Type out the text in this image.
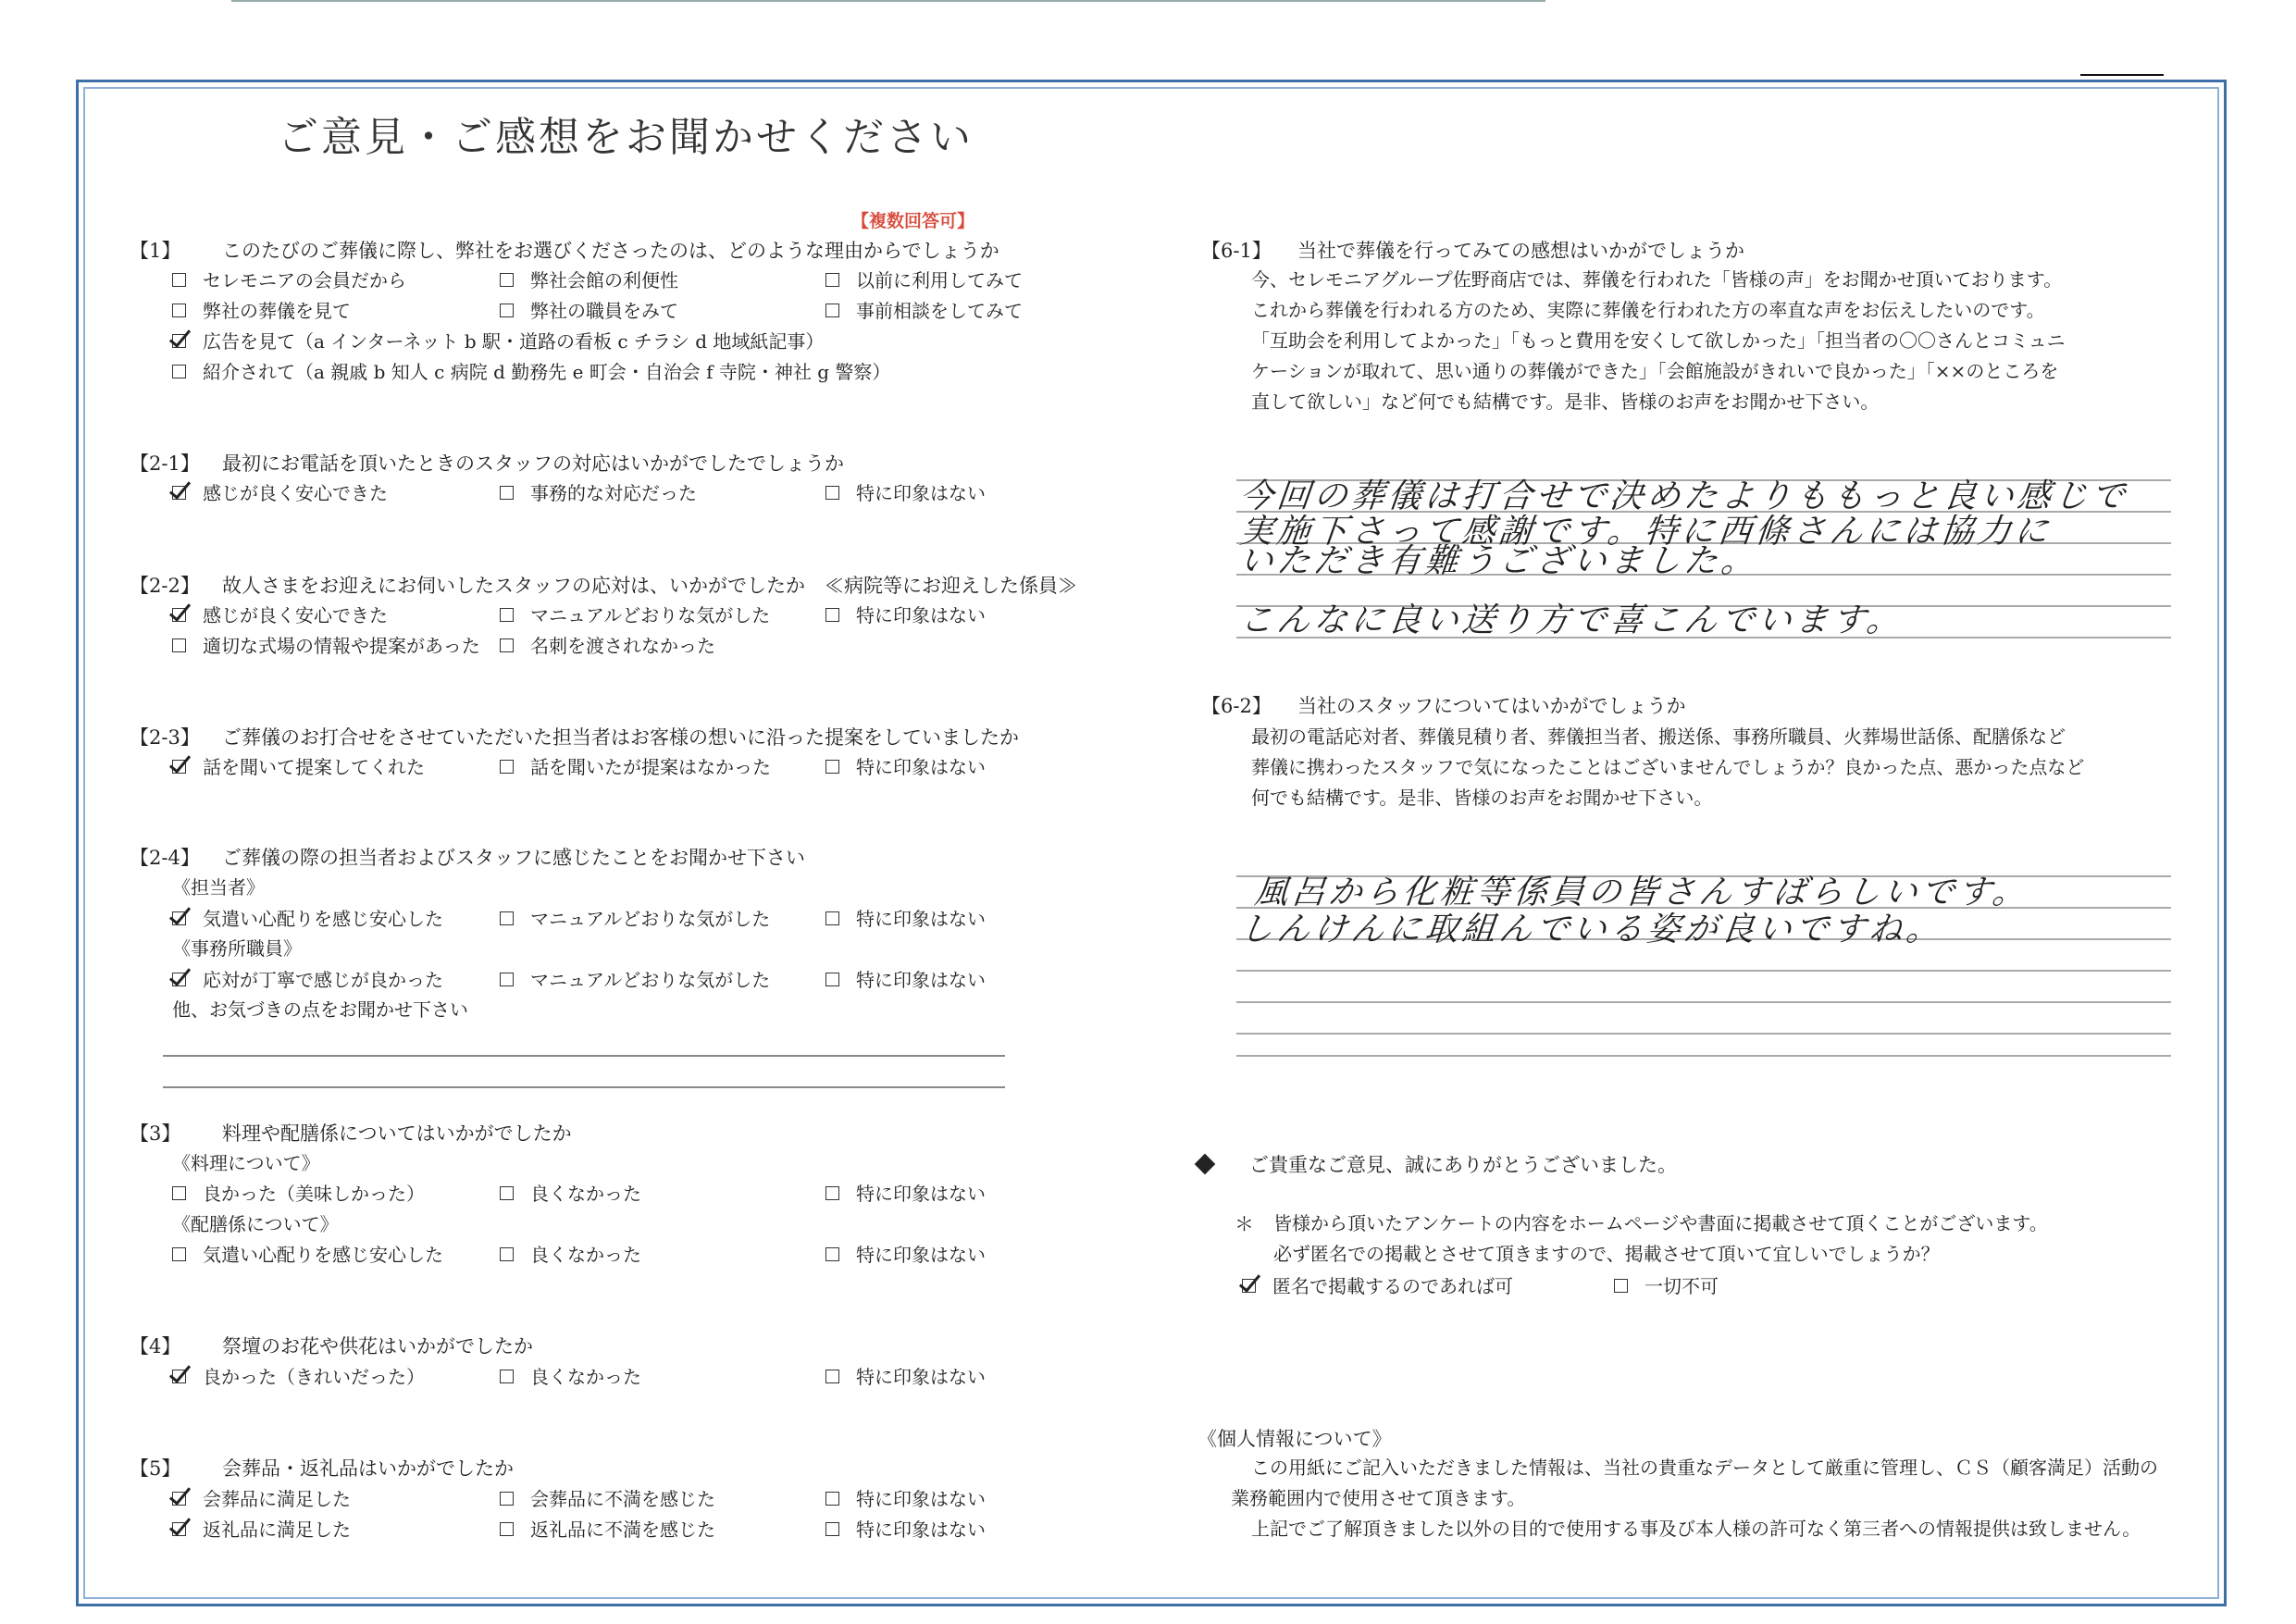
ご意見・ご感想をお聞かせください
【複数回答可】
【1】 このたびのご葬儀に際し、弊社をお選びくださったのは、どのような理由からでしょうか
セレモニアの会員だから	弊社会館の利便性	以前に利用してみて
弊社の葬儀を見て	弊社の職員をみて	事前相談をしてみて
広告を見て（a インターネット b 駅・道路の看板 c チラシ d 地域紙記事）
紹介されて（a 親戚 b 知人 c 病院 d 勤務先 e 町会・自治会 f 寺院・神社 g 警察）
【2-1】 最初にお電話を頂いたときのスタッフの対応はいかがでしたでしょうか
感じが良く安心できた	事務的な対応だった	特に印象はない
【2-2】 故人さまをお迎えにお伺いしたスタッフの応対は、いかがでしたか　≪病院等にお迎えした係員≫
感じが良く安心できた	マニュアルどおりな気がした	特に印象はない
適切な式場の情報や提案があった	名刺を渡されなかった
【2-3】 ご葬儀のお打合せをさせていただいた担当者はお客様の想いに沿った提案をしていましたか
話を聞いて提案してくれた	話を聞いたが提案はなかった	特に印象はない
【2-4】 ご葬儀の際の担当者およびスタッフに感じたことをお聞かせ下さい
《担当者》
気遣い心配りを感じ安心した	マニュアルどおりな気がした	特に印象はない
《事務所職員》
応対が丁寧で感じが良かった	マニュアルどおりな気がした	特に印象はない
他、お気づきの点をお聞かせ下さい
【3】 料理や配膳係についてはいかがでしたか
《料理について》
良かった（美味しかった）	良くなかった	特に印象はない
《配膳係について》
気遣い心配りを感じ安心した	良くなかった	特に印象はない
【4】 祭壇のお花や供花はいかがでしたか
良かった（きれいだった）	良くなかった	特に印象はない
【5】 会葬品・返礼品はいかがでしたか
会葬品に満足した	会葬品に不満を感じた	特に印象はない
返礼品に満足した	返礼品に不満を感じた	特に印象はない
【6-1】 当社で葬儀を行ってみての感想はいかがでしょうか
今、セレモニアグループ佐野商店では、葬儀を行われた「皆様の声」をお聞かせ頂いております。
これから葬儀を行われる方のため、実際に葬儀を行われた方の率直な声をお伝えしたいのです。
「互助会を利用してよかった」「もっと費用を安くして欲しかった」「担当者の〇〇さんとコミュニ
ケーションが取れて、思い通りの葬儀ができた」「会館施設がきれいで良かった」「××のところを
直して欲しい」など何でも結構です。是非、皆様のお声をお聞かせ下さい。
今回の葬儀は打合せで決めたよりももっと良い感じで
実施下さって感謝です。特に西條さんには協力に
いただき有難うございました。
こんなに良い送り方で喜こんでいます。
【6-2】 当社のスタッフについてはいかがでしょうか
最初の電話応対者、葬儀見積り者、葬儀担当者、搬送係、事務所職員、火葬場世話係、配膳係など
葬儀に携わったスタッフで気になったことはございませんでしょうか？良かった点、悪かった点など
何でも結構です。是非、皆様のお声をお聞かせ下さい。
風呂から化粧等係員の皆さんすばらしいです。
しんけんに取組んでいる姿が良いですね。
ご貴重なご意見、誠にありがとうございました。
＊ 皆様から頂いたアンケートの内容をホームページや書面に掲載させて頂くことがございます。
必ず匿名での掲載とさせて頂きますので、掲載させて頂いて宜しいでしょうか？
匿名で掲載するのであれば可	一切不可
《個人情報について》
この用紙にご記入いただきました情報は、当社の貴重なデータとして厳重に管理し、ＣＳ（顧客満足）活動の
業務範囲内で使用させて頂きます。
上記でご了解頂きました以外の目的で使用する事及び本人様の許可なく第三者への情報提供は致しません。
